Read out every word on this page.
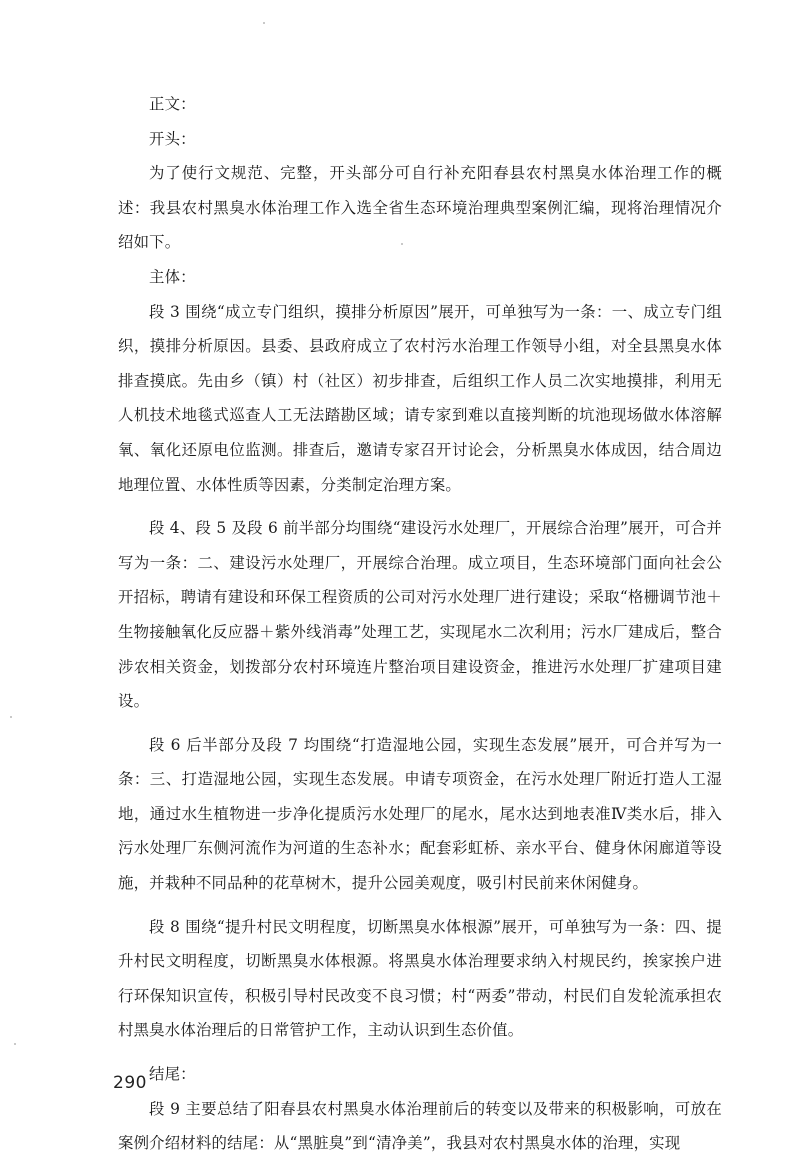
正文：

开头：

为了使行文规范、完整，开头部分可自行补充阳春县农村黑臭水体治理工作的概述：我县农村黑臭水体治理工作入选全省生态环境治理典型案例汇编，现将治理情况介绍如下。

主体：

段 3 围绕“成立专门组织，摸排分析原因”展开，可单独写为一条：一、成立专门组织，摸排分析原因。县委、县政府成立了农村污水治理工作领导小组，对全县黑臭水体排查摸底。先由乡（镇）村（社区）初步排查，后组织工作人员二次实地摸排，利用无人机技术地毯式巡查人工无法踏勘区域；请专家到难以直接判断的坑池现场做水体溶解氧、氧化还原电位监测。排查后，邀请专家召开讨论会，分析黑臭水体成因，结合周边地理位置、水体性质等因素，分类制定治理方案。

段 4、段 5 及段 6 前半部分均围绕“建设污水处理厂，开展综合治理”展开，可合并写为一条：二、建设污水处理厂，开展综合治理。成立项目，生态环境部门面向社会公开招标，聘请有建设和环保工程资质的公司对污水处理厂进行建设；采取“格栅调节池＋生物接触氧化反应器＋紫外线消毒”处理工艺，实现尾水二次利用；污水厂建成后，整合涉农相关资金，划拨部分农村环境连片整治项目建设资金，推进污水处理厂扩建项目建设。

段 6 后半部分及段 7 均围绕“打造湿地公园，实现生态发展”展开，可合并写为一条：三、打造湿地公园，实现生态发展。申请专项资金，在污水处理厂附近打造人工湿地，通过水生植物进一步净化提质污水处理厂的尾水，尾水达到地表准Ⅳ类水后，排入污水处理厂东侧河流作为河道的生态补水；配套彩虹桥、亲水平台、健身休闲廊道等设施，并栽种不同品种的花草树木，提升公园美观度，吸引村民前来休闲健身。

段 8 围绕“提升村民文明程度，切断黑臭水体根源”展开，可单独写为一条：四、提升村民文明程度，切断黑臭水体根源。将黑臭水体治理要求纳入村规民约，挨家挨户进行环保知识宣传，积极引导村民改变不良习惯；村“两委”带动，村民们自发轮流承担农村黑臭水体治理后的日常管护工作，主动认识到生态价值。

结尾：

段 9 主要总结了阳春县农村黑臭水体治理前后的转变以及带来的积极影响，可放在案例介绍材料的结尾：从“黑脏臭”到“清净美”，我县对农村黑臭水体的治理，实现

290
